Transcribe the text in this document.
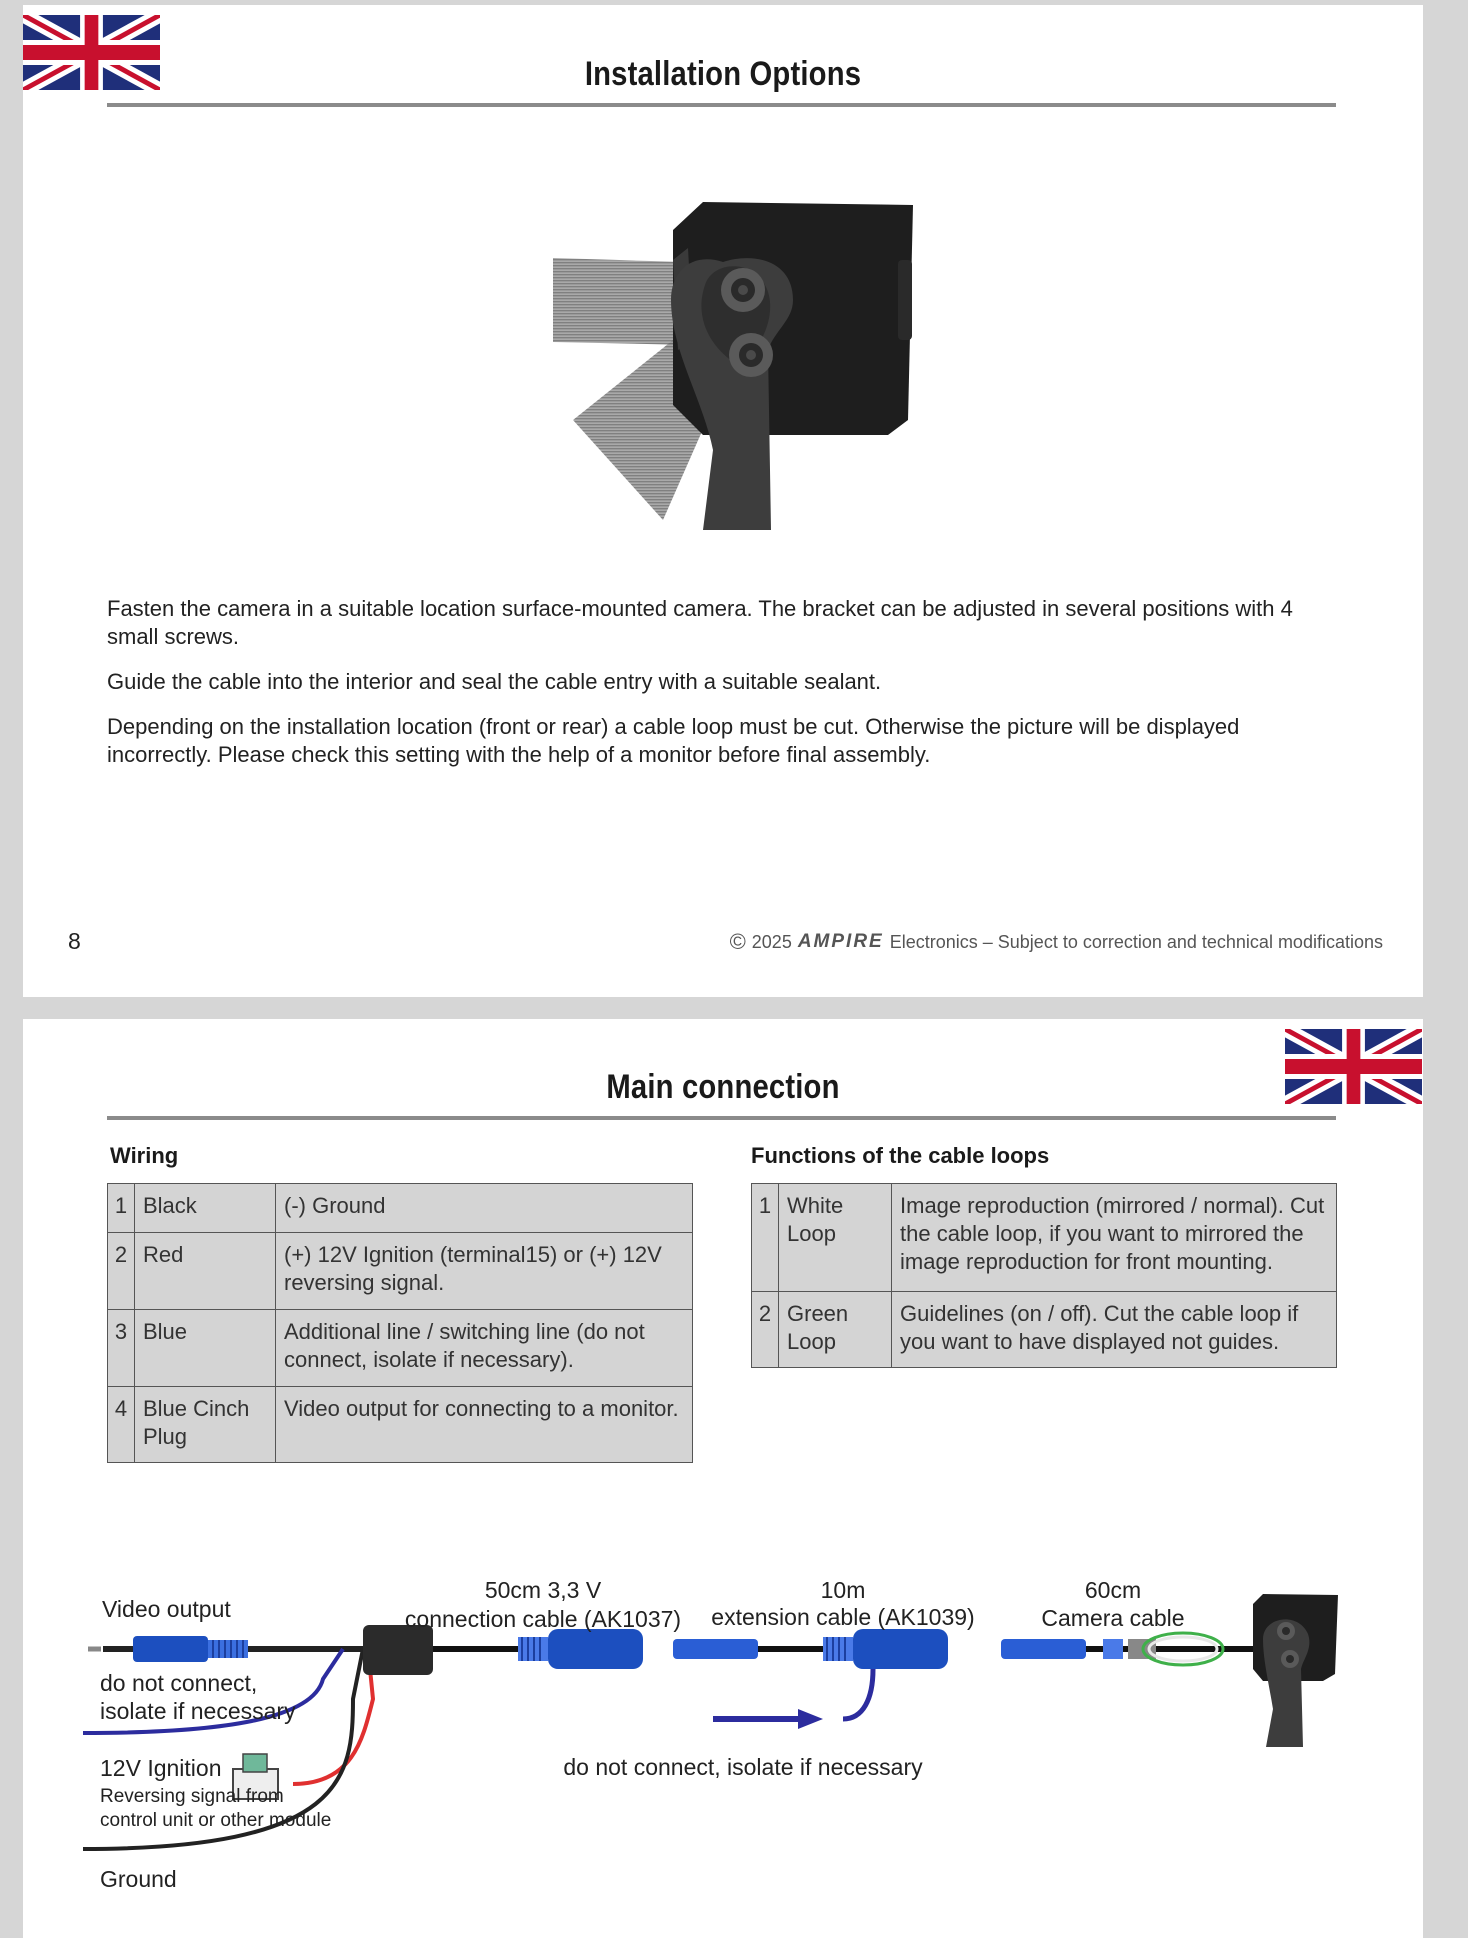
Installation Options

Fasten the camera in a suitable location surface-mounted camera. The bracket can be adjusted in several positions with 4 small screws.

Guide the cable into the interior and seal the cable entry with a suitable sealant.

Depending on the installation location (front or rear) a cable loop must be cut. Otherwise the picture will be displayed incorrectly. Please check this setting with the help of a monitor before final assembly.

8	© 2025 AMPIRE Electronics – Subject to correction and technical modifications
Main connection
Wiring
1	Black	(-) Ground
2	Red	(+) 12V Ignition (terminal15) or (+) 12V reversing signal.
3	Blue	Additional line / switching line (do not connect, isolate if necessary).
4	Blue Cinch Plug	Video output for connecting to a monitor.
Functions of the cable loops
1	White Loop	Image reproduction (mirrored / normal). Cut the cable loop, if you want to mirrored the image reproduction for front mounting.
2	Green Loop	Guidelines (on / off). Cut the cable loop if you want to have displayed not guides.
Video output
do not connect,
isolate if necessary
12V Ignition
Reversing signal from
control unit or other module
Ground
50cm 3,3 V
connection cable (AK1037)
10m
extension cable (AK1039)
60cm
Camera cable
do not connect, isolate if necessary
